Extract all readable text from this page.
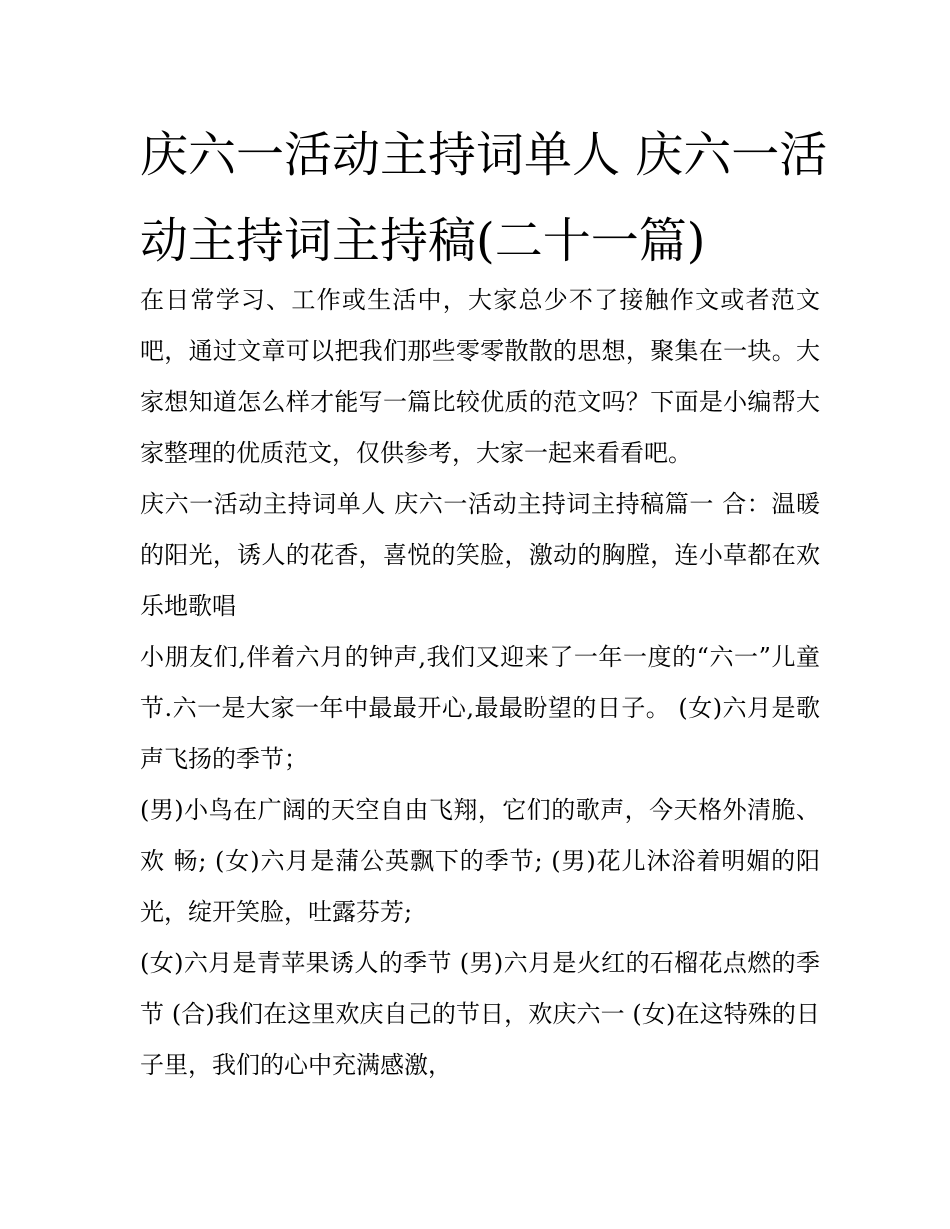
庆六一活动主持词单人 庆六一活动主持词主持稿(二十一篇)

在日常学习、工作或生活中，大家总少不了接触作文或者范文吧，通过文章可以把我们那些零零散散的思想，聚集在一块。大家想知道怎么样才能写一篇比较优质的范文吗？下面是小编帮大家整理的优质范文，仅供参考，大家一起来看看吧。

庆六一活动主持词单人 庆六一活动主持词主持稿篇一 合：温暖的阳光，诱人的花香，喜悦的笑脸，激动的胸膛，连小草都在欢乐地歌唱

小朋友们,伴着六月的钟声,我们又迎来了一年一度的“六一”儿童节.六一是大家一年中最最开心,最最盼望的日子。 (女)六月是歌声飞扬的季节；

(男)小鸟在广阔的天空自由飞翔，它们的歌声，今天格外清脆、欢 畅; (女)六月是蒲公英飘下的季节; (男)花儿沐浴着明媚的阳光，绽开笑脸，吐露芬芳;

(女)六月是青苹果诱人的季节 (男)六月是火红的石榴花点燃的季节 (合)我们在这里欢庆自己的节日，欢庆六一 (女)在这特殊的日子里，我们的心中充满感激，
